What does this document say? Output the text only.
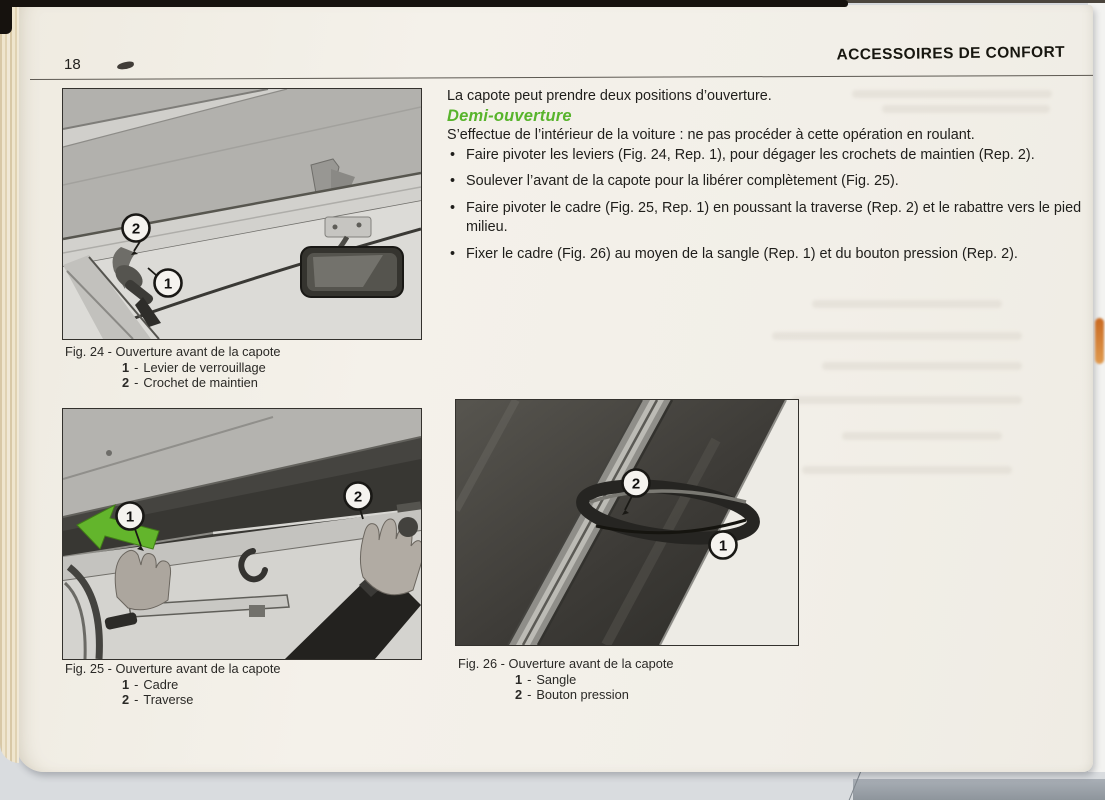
18
ACCESSOIRES DE CONFORT

La capote peut prendre deux positions d’ouverture.

Demi-ouverture

S’effectue de l’intérieur de la voiture : ne pas procéder à cette opération en roulant.

• Faire pivoter les leviers (Fig. 24, Rep. 1), pour dégager les crochets de maintien (Rep. 2).
• Soulever l’avant de la capote pour la libérer complètement (Fig. 25).
• Faire pivoter le cadre (Fig. 25, Rep. 1) en poussant la traverse (Rep. 2) et le rabattre vers le pied milieu.
• Fixer le cadre (Fig. 26) au moyen de la sangle (Rep. 1) et du bouton pression (Rep. 2).
2
1
1
2
2
1
Fig. 24 - Ouverture avant de la capote
1 - Levier de verrouillage
2 - Crochet de maintien
Fig. 25 - Ouverture avant de la capote
1 - Cadre
2 - Traverse
Fig. 26 - Ouverture avant de la capote
1 - Sangle
2 - Bouton pression
